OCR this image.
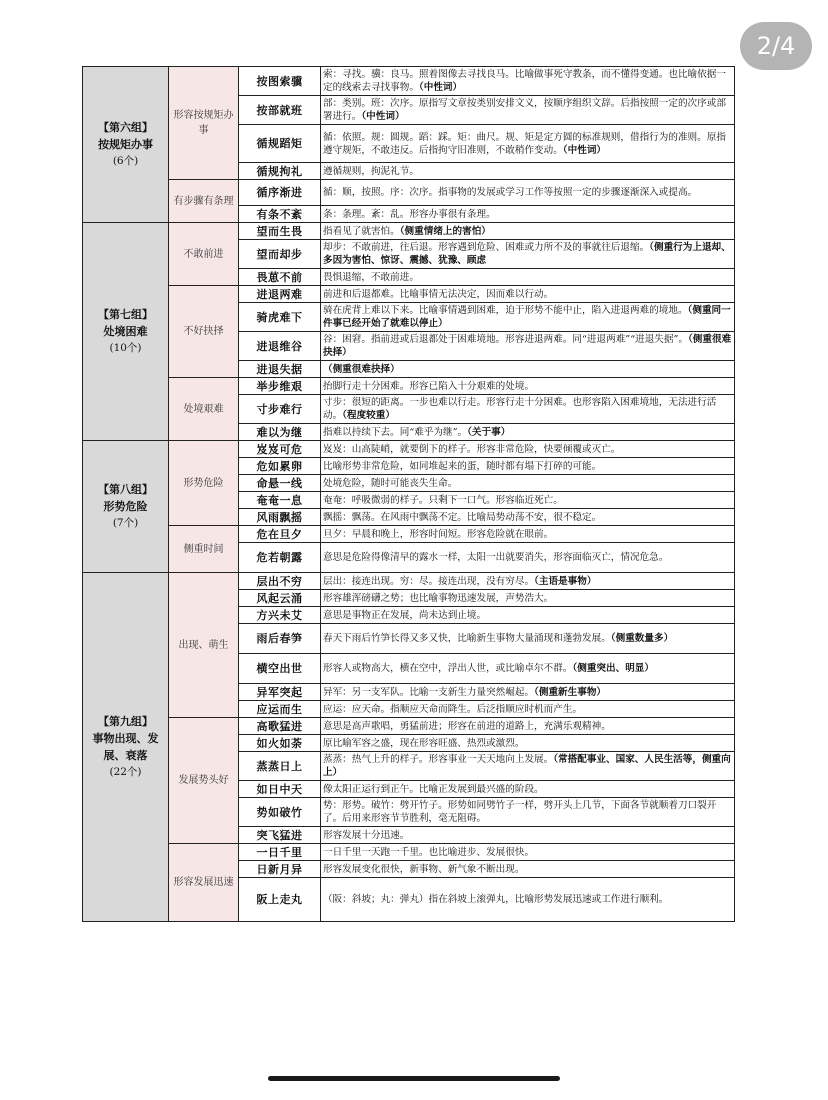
2/4
【第六组】
按规矩办事
(6个)	形容按规矩办事	按图索骥	索：寻找。骥：良马。照着图像去寻找良马。比喻做事死守教条，而不懂得变通。也比喻依据一定的线索去寻找事物。（中性词）
		按部就班	部：类别。班：次序。原指写文章按类别安排文义，按顺序组织文辞。后指按照一定的次序或部署进行。（中性词）
		循规蹈矩	循：依照。规：圆规。蹈：踩。矩：曲尺。规、矩是定方圆的标准规则，借指行为的准则。原指遵守规矩，不敢违反。后指拘守旧准则，不敢稍作变动。（中性词）
		循规拘礼	遵循规则，拘泥礼节。
	有步骤有条理	循序渐进	循：顺，按照。序：次序。指事物的发展或学习工作等按照一定的步骤逐渐深入或提高。
		有条不紊	条：条理。紊：乱。形容办事很有条理。
【第七组】
处境困难
(10个)	不敢前进	望而生畏	指看见了就害怕。（侧重情绪上的害怕）
		望而却步	却步：不敢前进，往后退。形容遇到危险、困难或力所不及的事就往后退缩。（侧重行为上退却、多因为害怕、惊讶、震撼、犹豫、顾虑
		畏葸不前	畏惧退缩，不敢前进。
	不好抉择	进退两难	前进和后退都难。比喻事情无法决定，因而难以行动。
		骑虎难下	骑在虎背上难以下来。比喻事情遇到困难，迫于形势不能中止，陷入进退两难的境地。（侧重同一件事已经开始了就难以停止）
		进退维谷	谷：困窘。指前进或后退都处于困难境地。形容进退两难。同“进退两难”“进退失据”。（侧重很难抉择）
		进退失据	（侧重很难抉择）
	处境艰难	举步维艰	抬脚行走十分困难。形容已陷入十分艰难的处境。
		寸步难行	寸步：很短的距离。一步也难以行走。形容行走十分困难。也形容陷入困难境地，无法进行活动。（程度较重）
		难以为继	指难以持续下去。同“难乎为继”。（关于事）
【第八组】
形势危险
(7个)	形势危险	岌岌可危	岌岌：山高陡峭，就要倒下的样子。形容非常危险，快要倾覆或灭亡。
		危如累卵	比喻形势非常危险，如同堆起来的蛋，随时都有塌下打碎的可能。
		命悬一线	处境危险，随时可能丧失生命。
		奄奄一息	奄奄：呼吸微弱的样子。只剩下一口气。形容临近死亡。
		风雨飘摇	飘摇：飘荡。在风雨中飘荡不定。比喻局势动荡不安，很不稳定。
	侧重时间	危在旦夕	旦夕：早晨和晚上，形容时间短。形容危险就在眼前。
		危若朝露	意思是危险得像清早的露水一样，太阳一出就要消失，形容面临灭亡，情况危急。
【第九组】
事物出现、发展、衰落
(22个)	出现、萌生	层出不穷	层出：接连出现。穷：尽。接连出现，没有穷尽。（主语是事物）
		风起云涌	形容雄浑磅礴之势；也比喻事物迅速发展，声势浩大。
		方兴未艾	意思是事物正在发展，尚未达到止境。
		雨后春笋	春天下雨后竹笋长得又多又快，比喻新生事物大量涌现和蓬勃发展。（侧重数量多）
		横空出世	形容人或物高大，横在空中，浮出人世，或比喻卓尔不群。（侧重突出、明显）
		异军突起	异军：另一支军队。比喻一支新生力量突然崛起。（侧重新生事物）
		应运而生	应运：应天命。指顺应天命而降生。后泛指顺应时机而产生。
	发展势头好	高歌猛进	意思是高声歌唱，勇猛前进；形容在前进的道路上，充满乐观精神。
		如火如荼	原比喻军容之盛，现在形容旺盛、热烈或激烈。
		蒸蒸日上	蒸蒸：热气上升的样子。形容事业一天天地向上发展。（常搭配事业、国家、人民生活等，侧重向上）
		如日中天	像太阳正运行到正午。比喻正发展到最兴盛的阶段。
		势如破竹	势：形势。破竹：劈开竹子。形势如同劈竹子一样，劈开头上几节，下面各节就顺着刀口裂开了。后用来形容节节胜利，毫无阻碍。
		突飞猛进	形容发展十分迅速。
	形容发展迅速	一日千里	一日千里一天跑一千里。也比喻进步、发展很快。
		日新月异	形容发展变化很快，新事物、新气象不断出现。
		阪上走丸	（阪：斜坡；丸：弹丸）指在斜坡上滚弹丸，比喻形势发展迅速或工作进行顺利。
